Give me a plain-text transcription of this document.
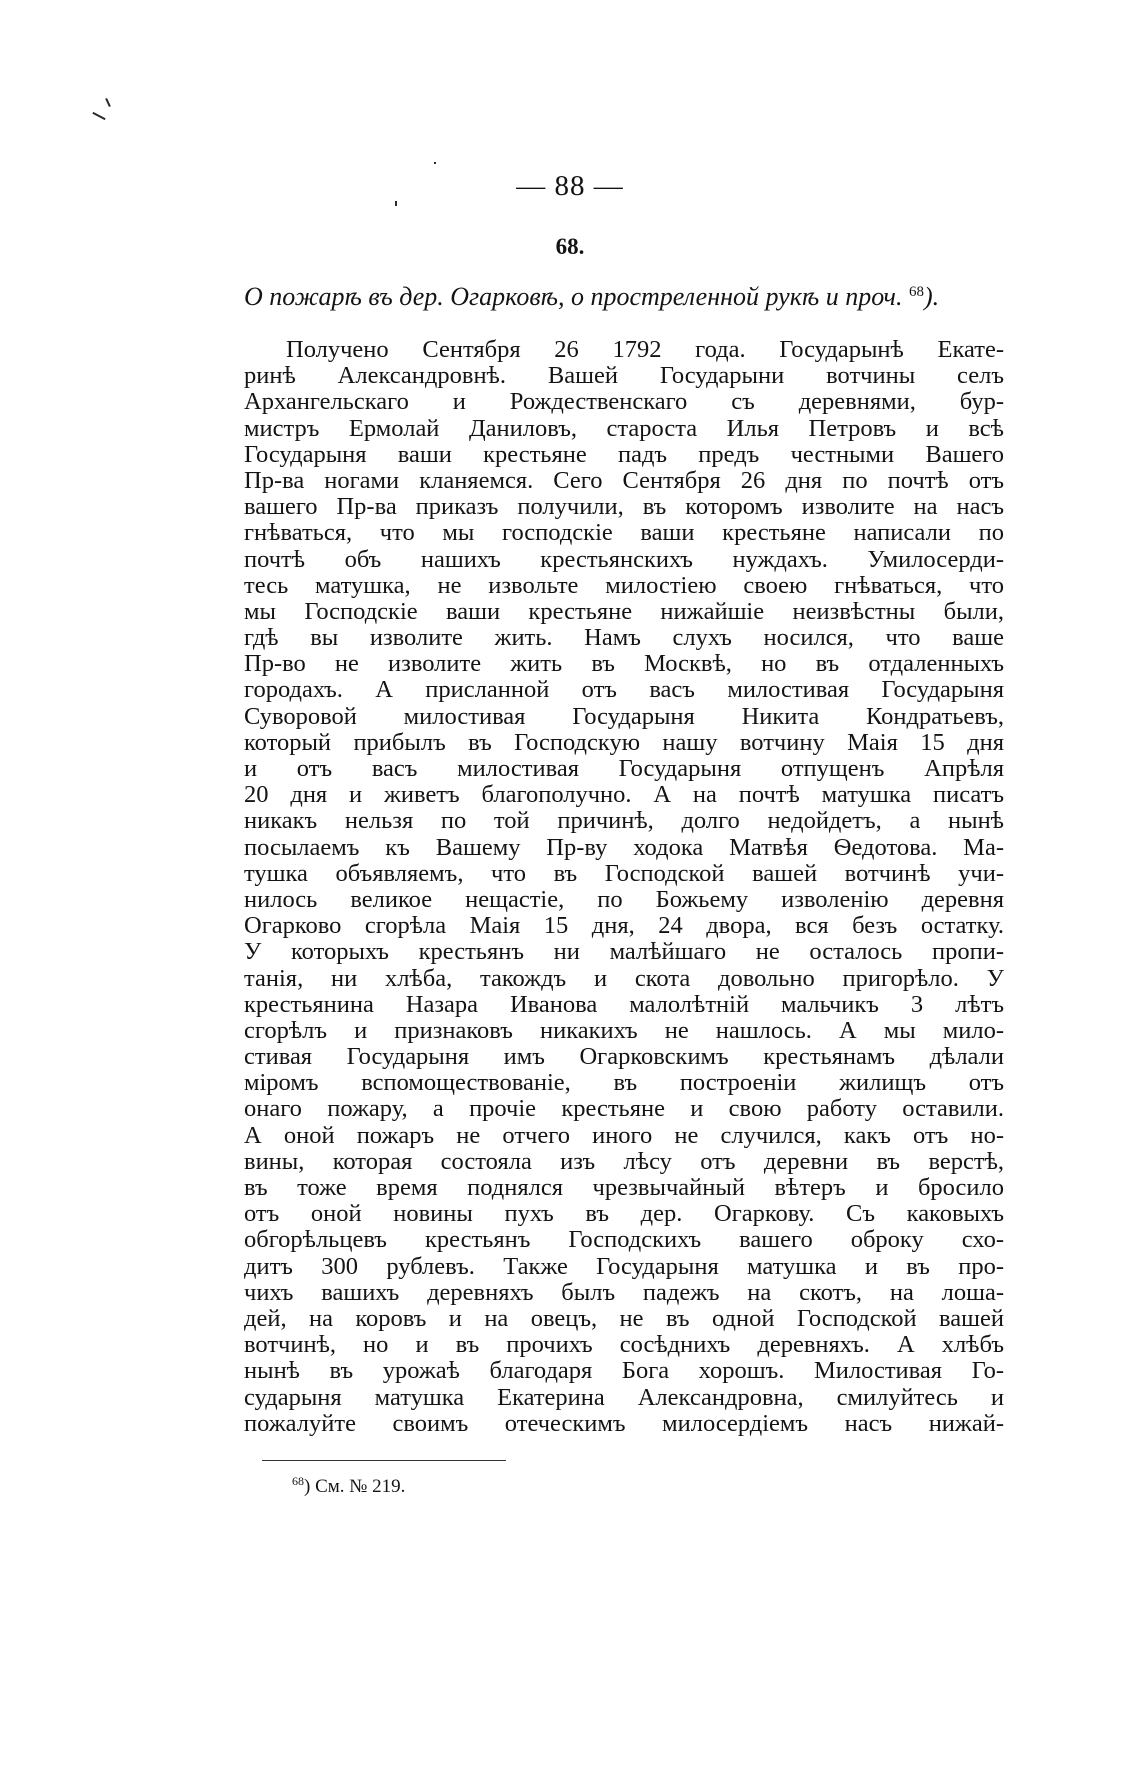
— 88 —
68.
О пожарѣ въ дер. Огарковѣ, о простреленной рукѣ и проч. $^{68}$).
Получено Сентября 26 1792 года. Государынѣ Екате-
ринѣ Александровнѣ. Вашей Государыни вотчины селъ
Архангельскаго и Рождественскаго съ деревнями, бур-
мистръ Ермолай Даниловъ, староста Илья Петровъ и всѣ
Государыня ваши крестьяне падъ предъ честными Вашего
Пр-ва ногами кланяемся. Сего Сентября 26 дня по почтѣ отъ
вашего Пр-ва приказъ получили, въ которомъ изволите на насъ
гнѣваться, что мы господскіе ваши крестьяне написали по
почтѣ объ нашихъ крестьянскихъ нуждахъ. Умилосерди-
тесь матушка, не извольте милостіею своею гнѣваться, что
мы Господскіе ваши крестьяне нижайшіе неизвѣстны были,
гдѣ вы изволите жить. Намъ слухъ носился, что ваше
Пр-во не изволите жить въ Москвѣ, но въ отдаленныхъ
городахъ. А присланной отъ васъ милостивая Государыня
Суворовой милостивая Государыня Никита Кондратьевъ,
который прибылъ въ Господскую нашу вотчину Маія 15 дня
и отъ васъ милостивая Государыня отпущенъ Апрѣля
20 дня и живетъ благополучно. А на почтѣ матушка писатъ
никакъ нельзя по той причинѣ, долго недойдетъ, а нынѣ
посылаемъ къ Вашему Пр-ву ходока Матвѣя Ѳедотова. Ма-
тушка объявляемъ, что въ Господской вашей вотчинѣ учи-
нилось великое нещастіе, по Божьему изволенію деревня
Огарково сгорѣла Маія 15 дня, 24 двора, вся безъ остатку.
У которыхъ крестьянъ ни малѣйшаго не осталось пропи-
танія, ни хлѣба, такождъ и скота довольно пригорѣло. У
крестьянина Назара Иванова малолѣтній мальчикъ 3 лѣтъ
сгорѣлъ и признаковъ никакихъ не нашлось. А мы мило-
стивая Государыня имъ Огарковскимъ крестьянамъ дѣлали
міромъ вспомоществованіе, въ построеніи жилищъ отъ
онаго пожару, а прочіе крестьяне и свою работу оставили.
А оной пожаръ не отчего иного не случился, какъ отъ но-
вины, которая состояла изъ лѣсу отъ деревни въ верстѣ,
въ тоже время поднялся чрезвычайный вѣтеръ и бросило
отъ оной новины пухъ въ дер. Огаркову. Съ каковыхъ
обгорѣльцевъ крестьянъ Господскихъ вашего оброку схо-
дитъ 300 рублевъ. Также Государыня матушка и въ про-
чихъ вашихъ деревняхъ былъ падежъ на скотъ, на лоша-
дей, на коровъ и на овецъ, не въ одной Господской вашей
вотчинѣ, но и въ прочихъ сосѣднихъ деревняхъ. А хлѣбъ
нынѣ въ урожаѣ благодаря Бога хорошъ. Милостивая Го-
сударыня матушка Екатерина Александровна, смилуйтесь и
пожалуйте своимъ отеческимъ милосердіемъ насъ нижай-
$^{68}$) См. № 219.
